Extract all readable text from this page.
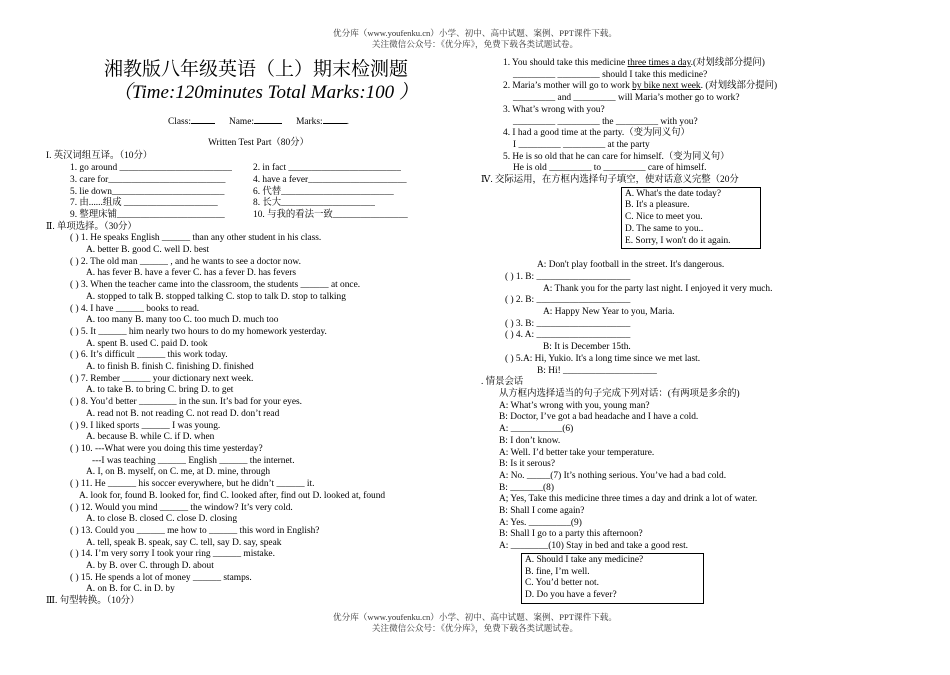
优分库（www.youfenku.cn）小学、初中、高中试题、案例、PPT课件下载。
关注微信公众号：《优分库》，免费下载各类试题试卷。
湘教版八年级英语（上）期末检测题
（Time:120minutes Total Marks:100 ）
Class:	Name:	Marks:	.
Written Test Part（80分）
I. 英汉词组互译。（10分）
1. go around ________________________	2. in fact ________________________
3. care for_________________________	4. have a fever_____________________
5. lie down________________________	6. 代替________________________
7. 由......组成 ____________________	8. 长大____________________
9. 整理床铺_______________________	10. 与我的看法一致________________
Ⅱ. 单项选择。（30分）
( ) 1. He speaks English ______ than any other student in his class.
A. better B. good C. well D. best
( ) 2. The old man ______ , and he wants to see a doctor now.
A. has fever B. have a fever C. has a fever D. has fevers
( ) 3. When the teacher came into the classroom, the students ______ at once.
A. stopped to talk B. stopped talking C. stop to talk D. stop to talking
( ) 4. I have ______ books to read.
A. too many B. many too C. too much D. much too
( ) 5. It ______ him nearly two hours to do my homework yesterday.
A. spent B. used C. paid D. took
( ) 6. It’s difficult ______ this work today.
A. to finish B. finish C. finishing D. finished
( ) 7. Rember ______ your dictionary next week.
A. to take B. to bring C. bring D. to get
( ) 8. You’d better ________ in the sun. It’s bad for your eyes.
A. read not B. not reading C. not read D. don’t read
( ) 9. I liked sports ______ I was young.
A. because B. while C. if D. when
( ) 10. ---What were you doing this time yesterday?
---I was teaching ______ English ______ the internet.
A. I, on B. myself, on C. me, at D. mine, through
( ) 11. He ______ his soccer everywhere, but he didn’t ______ it.
A. look for, found B. looked for, find C. looked after, find out D. looked at, found
( ) 12. Would you mind ______ the window? It’s very cold.
A. to close B. closed C. close D. closing
( ) 13. Could you ______ me how to ______ this word in English?
A. tell, speak B. speak, say C. tell, say D. say, speak
( ) 14. I’m very sorry I took your ring ______ mistake.
A. by B. over C. through D. about
( ) 15. He spends a lot of money ______ stamps.
A. on B. for C. in D. by
Ⅲ. 句型转换。（10分）
1. You should take this medicine three times a day.(对划线部分提问)
_________ _________ should I take this medicine?
2. Maria’s mother will go to work by bike next week. (对划线部分提问)
_________ and _________ will Maria’s mother go to work?
3. What’s wrong with you?
_________ _________ the _________ with you?
4. I had a good time at the party.（变为同义句）
I _________ _________ at the party
5. He is so old that he can care for himself.（变为同义句）
He is old _________ to _________ care of himself.
Ⅳ. 交际运用，在方框内选择句子填空，使对话意义完整（20分
A. What's the date today?
B. It's a pleasure.
C. Nice to meet you.
D. The same to you..
E. Sorry, I won't do it again.
A: Don't play football in the street. It's dangerous.
( ) 1. B: ____________________
A: Thank you for the party last night. I enjoyed it very much.
( ) 2. B: ____________________
A: Happy New Year to you, Maria.
( ) 3. B: ____________________
( ) 4. A: ____________________
B: It is December 15th.
( ) 5.A: Hi, Yukio. It's a long time since we met last.
B: Hi! ____________________
. 情景会话
从方框内选择适当的句子完成下列对话：(有两项是多余的)
A: What’s wrong with you, young man?
B: Doctor, I’ve got a bad headache and I have a cold.
A: ___________(6)
B: I don’t know.
A: Well. I’d better take your temperature.
B: Is it serous?
A: No. _____(7) It’s nothing serious. You’ve had a bad cold.
B: _______(8)
A; Yes, Take this medicine three times a day and drink a lot of water.
B: Shall I come again?
A: Yes. _________(9)
B: Shall I go to a party this afternoon?
A: ________(10) Stay in bed and take a good rest.
A. Should I take any medicine?
B. fine, I’m well.
C. You’d better not.
D. Do you have a fever?
优分库（www.youfenku.cn）小学、初中、高中试题、案例、PPT课件下载。
关注微信公众号：《优分库》，免费下载各类试题试卷。
